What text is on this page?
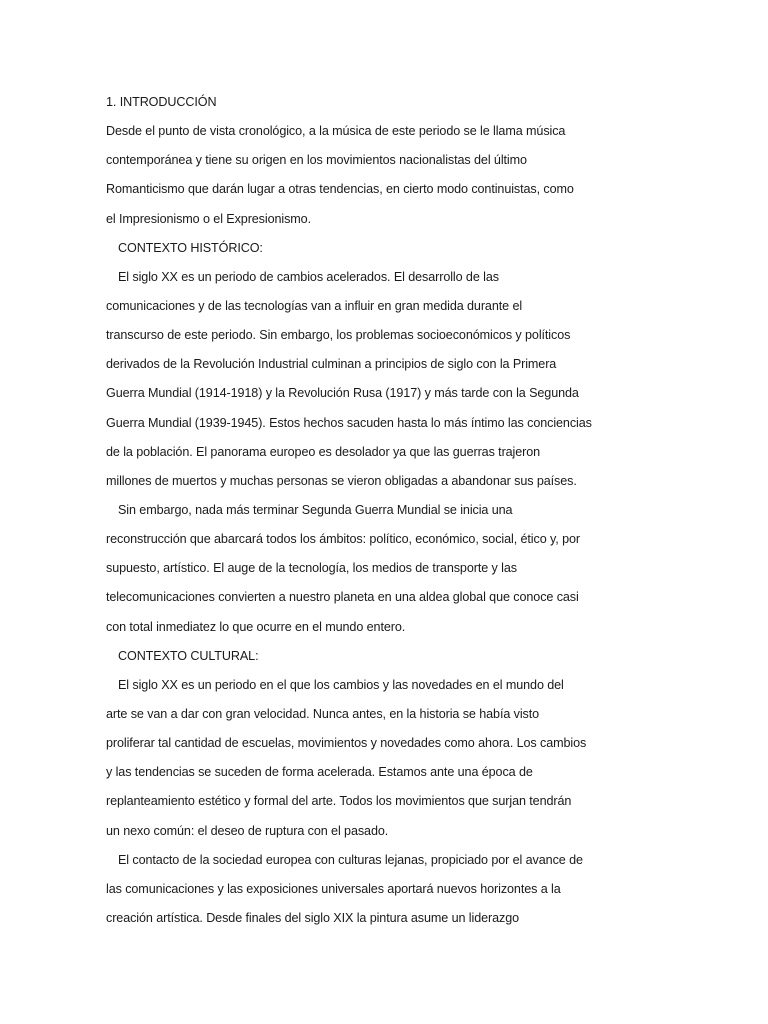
1. INTRODUCCIÓN
Desde el punto de vista cronológico, a la música de este periodo se le llama música
contemporánea y tiene su origen en los movimientos nacionalistas del último
Romanticismo que darán lugar a otras tendencias, en cierto modo continuistas, como
el Impresionismo o el Expresionismo.
CONTEXTO HISTÓRICO:
El siglo XX es un periodo de cambios acelerados. El desarrollo de las
comunicaciones y de las tecnologías van a influir en gran medida durante el
transcurso de este periodo. Sin embargo, los problemas socioeconómicos y políticos
derivados de la Revolución Industrial culminan a principios de siglo con la Primera
Guerra Mundial (1914-1918) y la Revolución Rusa (1917) y más tarde con la Segunda
Guerra Mundial (1939-1945). Estos hechos sacuden hasta lo más íntimo las conciencias
de la población. El panorama europeo es desolador ya que las guerras trajeron
millones de muertos y muchas personas se vieron obligadas a abandonar sus países.
Sin embargo, nada más terminar Segunda Guerra Mundial se inicia una
reconstrucción que abarcará todos los ámbitos: político, económico, social, ético y, por
supuesto, artístico. El auge de la tecnología, los medios de transporte y las
telecomunicaciones convierten a nuestro planeta en una aldea global que conoce casi
con total inmediatez lo que ocurre en el mundo entero.
CONTEXTO CULTURAL:
El siglo XX es un periodo en el que los cambios y las novedades en el mundo del
arte se van a dar con gran velocidad. Nunca antes, en la historia se había visto
proliferar tal cantidad de escuelas, movimientos y novedades como ahora. Los cambios
y las tendencias se suceden de forma acelerada. Estamos ante una época de
replanteamiento estético y formal del arte. Todos los movimientos que surjan tendrán
un nexo común: el deseo de ruptura con el pasado.
El contacto de la sociedad europea con culturas lejanas, propiciado por el avance de
las comunicaciones y las exposiciones universales aportará nuevos horizontes a la
creación artística. Desde finales del siglo XIX la pintura asume un liderazgo
